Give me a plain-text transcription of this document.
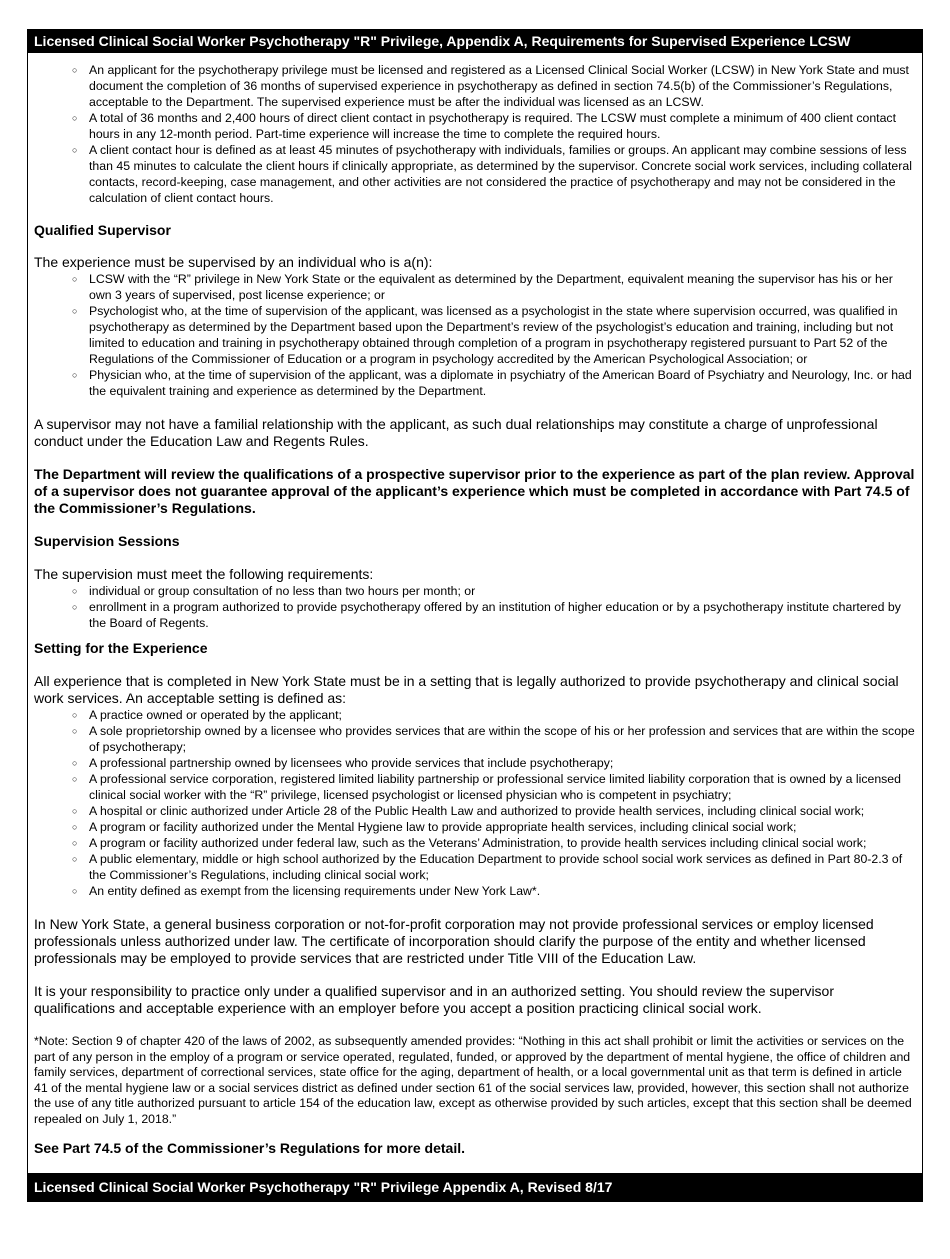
Licensed Clinical Social Worker Psychotherapy "R" Privilege, Appendix A, Requirements for Supervised Experience LCSW
○ An applicant for the psychotherapy privilege must be licensed and registered as a Licensed Clinical Social Worker (LCSW) in New York State and must document the completion of 36 months of supervised experience in psychotherapy as defined in section 74.5(b) of the Commissioner’s Regulations, acceptable to the Department. The supervised experience must be after the individual was licensed as an LCSW.
○ A total of 36 months and 2,400 hours of direct client contact in psychotherapy is required. The LCSW must complete a minimum of 400 client contact hours in any 12-month period. Part-time experience will increase the time to complete the required hours.
○ A client contact hour is defined as at least 45 minutes of psychotherapy with individuals, families or groups. An applicant may combine sessions of less than 45 minutes to calculate the client hours if clinically appropriate, as determined by the supervisor. Concrete social work services, including collateral contacts, record-keeping, case management, and other activities are not considered the practice of psychotherapy and may not be considered in the calculation of client contact hours.
Qualified Supervisor
The experience must be supervised by an individual who is a(n):
○ LCSW with the “R” privilege in New York State or the equivalent as determined by the Department, equivalent meaning the supervisor has his or her own 3 years of supervised, post license experience; or
○ Psychologist who, at the time of supervision of the applicant, was licensed as a psychologist in the state where supervision occurred, was qualified in psychotherapy as determined by the Department based upon the Department’s review of the psychologist’s education and training, including but not limited to education and training in psychotherapy obtained through completion of a program in psychotherapy registered pursuant to Part 52 of the Regulations of the Commissioner of Education or a program in psychology accredited by the American Psychological Association; or
○ Physician who, at the time of supervision of the applicant, was a diplomate in psychiatry of the American Board of Psychiatry and Neurology, Inc. or had the equivalent training and experience as determined by the Department.
A supervisor may not have a familial relationship with the applicant, as such dual relationships may constitute a charge of unprofessional conduct under the Education Law and Regents Rules.
The Department will review the qualifications of a prospective supervisor prior to the experience as part of the plan review. Approval of a supervisor does not guarantee approval of the applicant’s experience which must be completed in accordance with Part 74.5 of the Commissioner’s Regulations.
Supervision Sessions
The supervision must meet the following requirements:
○ individual or group consultation of no less than two hours per month; or
○ enrollment in a program authorized to provide psychotherapy offered by an institution of higher education or by a psychotherapy institute chartered by the Board of Regents.
Setting for the Experience
All experience that is completed in New York State must be in a setting that is legally authorized to provide psychotherapy and clinical social work services. An acceptable setting is defined as:
○ A practice owned or operated by the applicant;
○ A sole proprietorship owned by a licensee who provides services that are within the scope of his or her profession and services that are within the scope of psychotherapy;
○ A professional partnership owned by licensees who provide services that include psychotherapy;
○ A professional service corporation, registered limited liability partnership or professional service limited liability corporation that is owned by a licensed clinical social worker with the “R” privilege, licensed psychologist or licensed physician who is competent in psychiatry;
○ A hospital or clinic authorized under Article 28 of the Public Health Law and authorized to provide health services, including clinical social work;
○ A program or facility authorized under the Mental Hygiene law to provide appropriate health services, including clinical social work;
○ A program or facility authorized under federal law, such as the Veterans’ Administration, to provide health services including clinical social work;
○ A public elementary, middle or high school authorized by the Education Department to provide school social work services as defined in Part 80-2.3 of the Commissioner’s Regulations, including clinical social work;
○ An entity defined as exempt from the licensing requirements under New York Law*.
In New York State, a general business corporation or not-for-profit corporation may not provide professional services or employ licensed professionals unless authorized under law. The certificate of incorporation should clarify the purpose of the entity and whether licensed professionals may be employed to provide services that are restricted under Title VIII of the Education Law.
It is your responsibility to practice only under a qualified supervisor and in an authorized setting. You should review the supervisor qualifications and acceptable experience with an employer before you accept a position practicing clinical social work.
*Note: Section 9 of chapter 420 of the laws of 2002, as subsequently amended provides: “Nothing in this act shall prohibit or limit the activities or services on the part of any person in the employ of a program or service operated, regulated, funded, or approved by the department of mental hygiene, the office of children and family services, department of correctional services, state office for the aging, department of health, or a local governmental unit as that term is defined in article 41 of the mental hygiene law or a social services district as defined under section 61 of the social services law, provided, however, this section shall not authorize the use of any title authorized pursuant to article 154 of the education law, except as otherwise provided by such articles, except that this section shall be deemed repealed on July 1, 2018.”
See Part 74.5 of the Commissioner’s Regulations for more detail.
Licensed Clinical Social Worker Psychotherapy "R" Privilege Appendix A, Revised 8/17
